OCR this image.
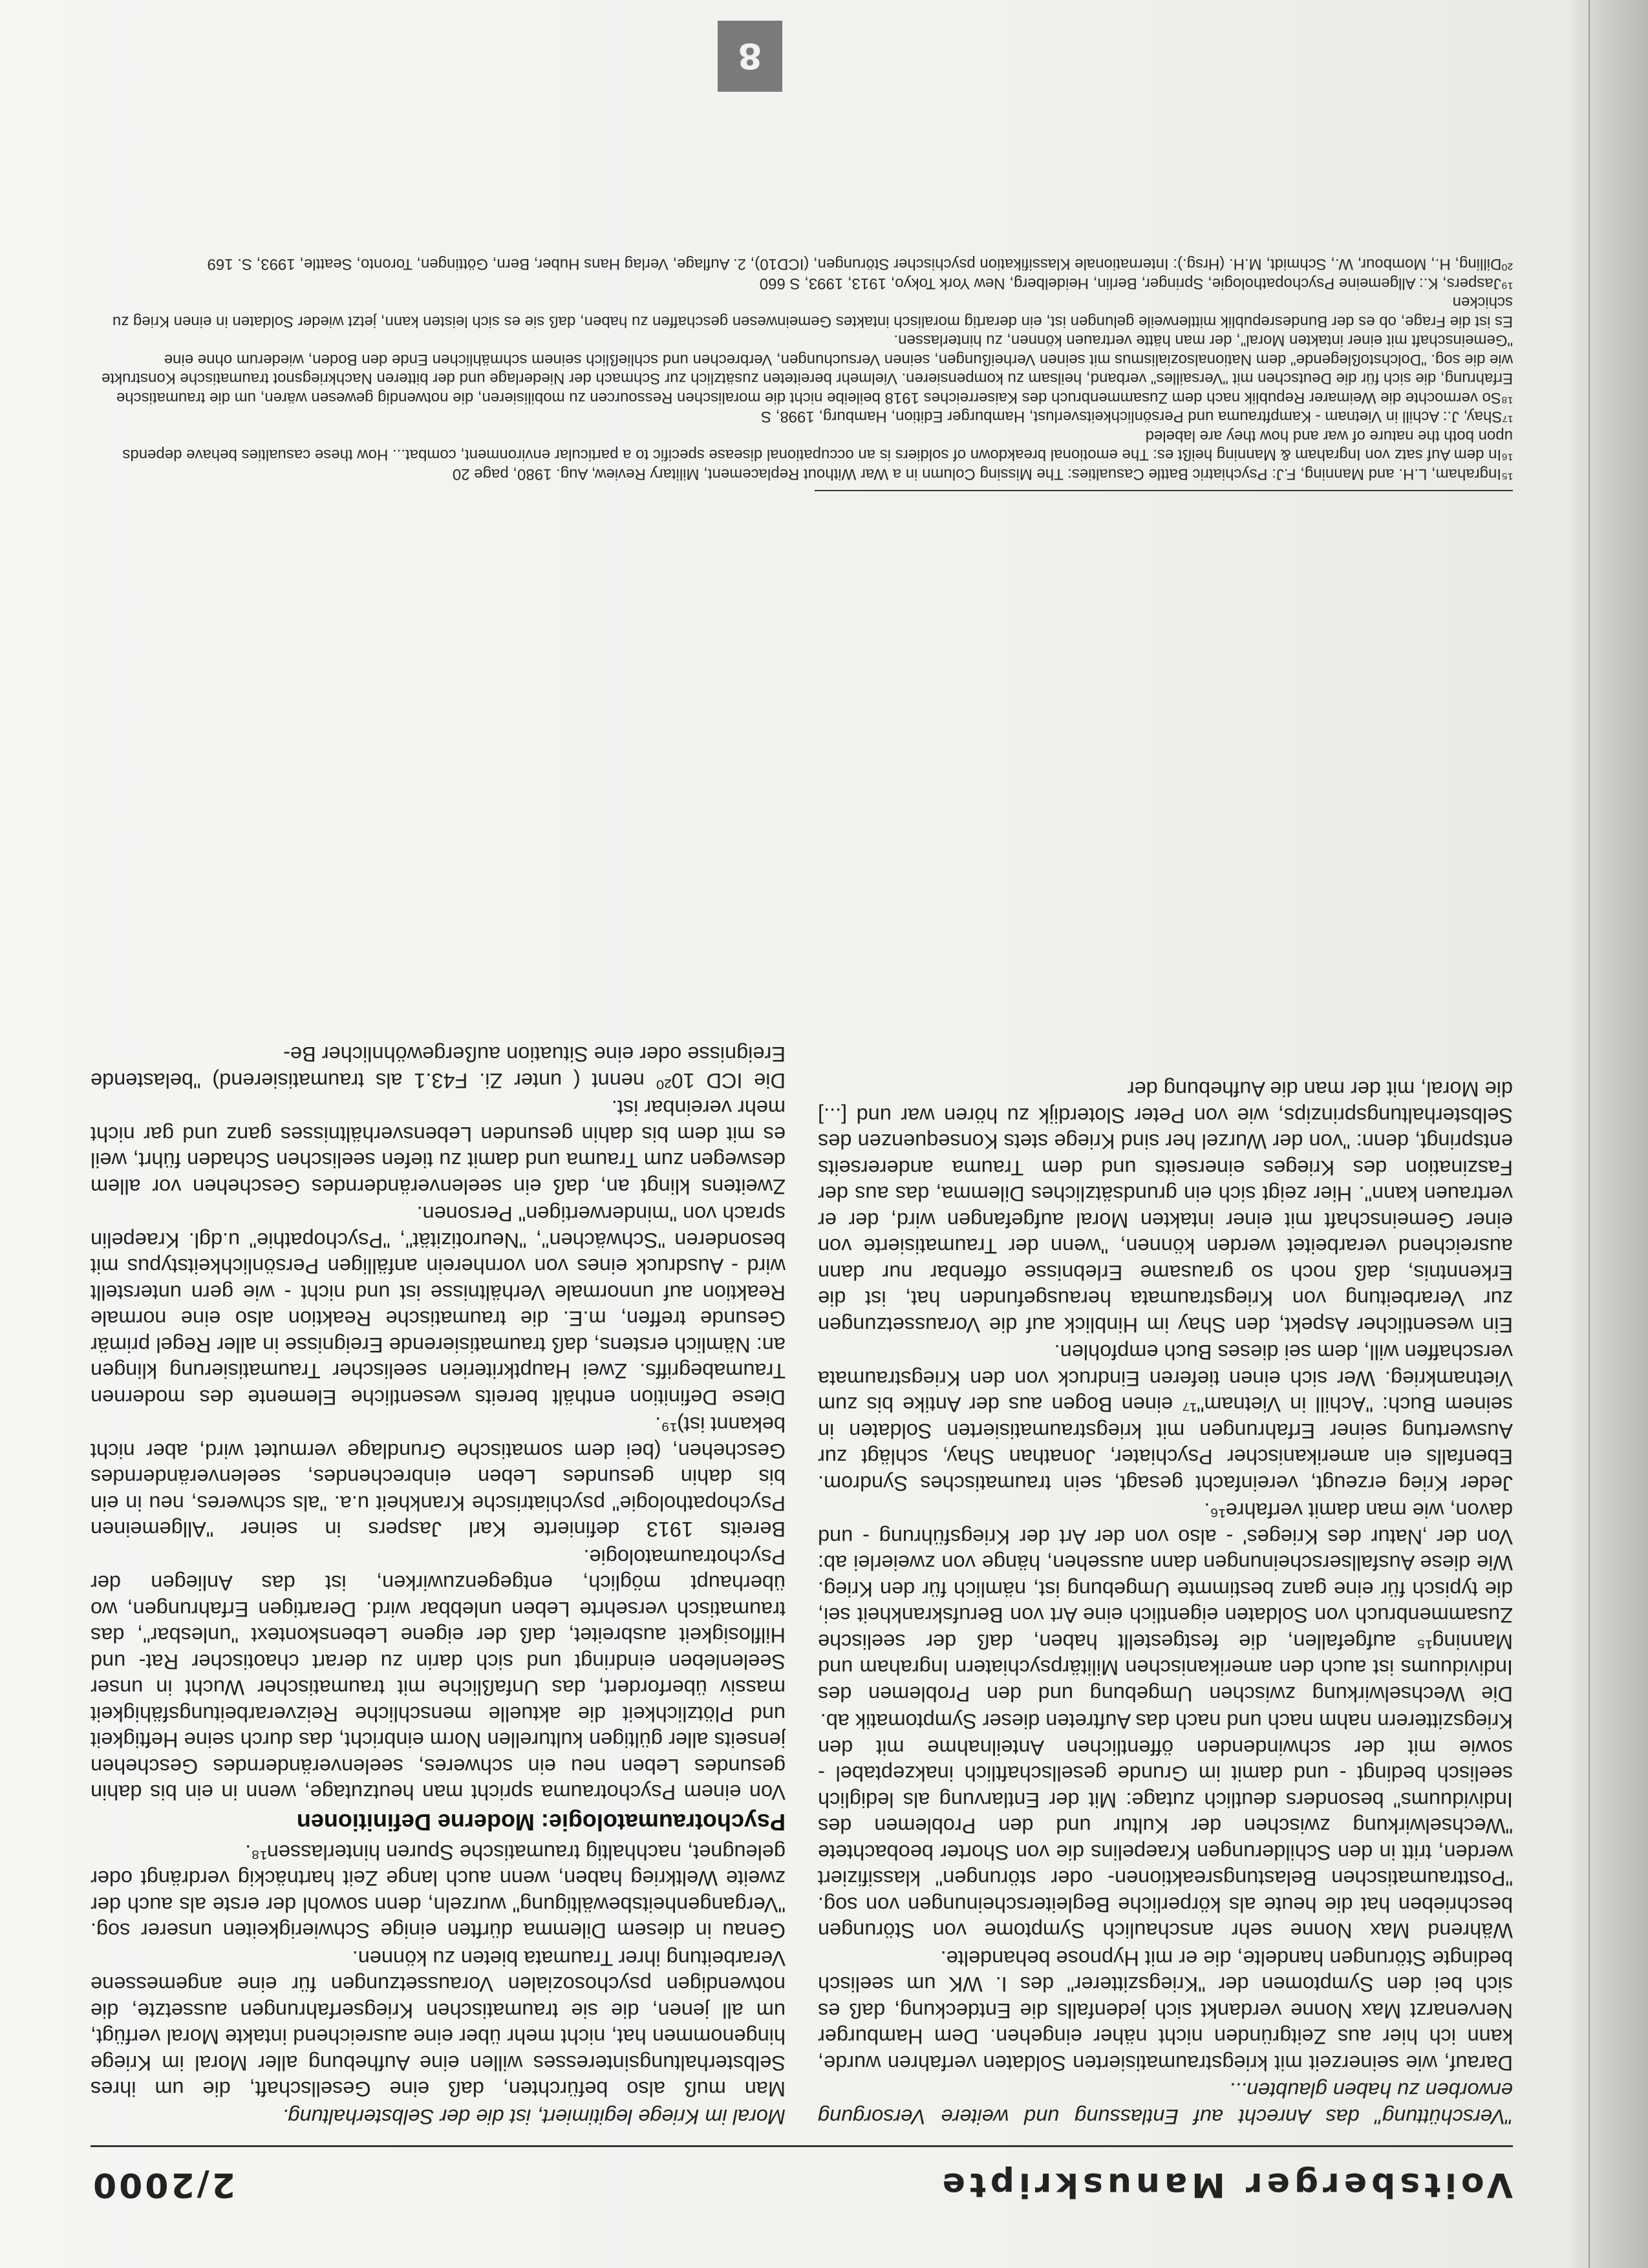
Voitsberger Manuskripte
2/2000

"Verschüttung" das Anrecht auf Entlassung und weitere Versorgung erworben zu haben glaubten...

Darauf, wie seinerzeit mit kriegstraumatisierten Soldaten verfahren wurde, kann ich hier aus Zeitgründen nicht näher eingehen. Dem Hamburger Nervenarzt Max Nonne verdankt sich jedenfalls die Entdeckung, daß es sich bei den Symptomen der "Kriegszitterer" des I. WK um seelisch bedingte Störungen handelte, die er mit Hypnose behandelte.

Während Max Nonne sehr anschaulich Symptome von Störungen beschrieben hat die heute als körperliche Begleiterscheinungen von sog. "Posttraumatischen Belastungsreaktionen- oder störungen" klassifiziert werden, tritt in den Schilderungen Kraepelins die von Shorter beobachtete "Wechselwirkung zwischen der Kultur und den Problemen des Individuums" besonders deutlich zutage: Mit der Entlarvung als lediglich seelisch bedingt - und damit im Grunde gesellschaftlich inakzeptabel - sowie mit der schwindenden öffentlichen Anteilnahme mit den Kriegszitterern nahm nach und nach das Auftreten dieser Symptomatik ab.

Die Wechselwirkung zwischen Umgebung und den Problemen des Individuums ist auch den amerikanischen Militärpsychiatern Ingraham und Manning¹⁵ aufgefallen, die festgestellt haben, daß der seelische Zusammenbruch von Soldaten eigentlich eine Art von Berufskrankheit sei, die typisch für eine ganz bestimmte Umgebung ist, nämlich für den Krieg. Wie diese Ausfallserscheinungen dann aussehen, hänge von zweierlei ab: Von der ‚Natur des Krieges' - also von der Art der Kriegsführung - und davon, wie man damit verfahre¹⁶.

Jeder Krieg erzeugt, vereinfacht gesagt, sein traumatisches Syndrom. Ebenfalls ein amerikanischer Psychiater, Jonathan Shay, schlägt zur Auswertung seiner Erfahrungen mit kriegstraumatisierten Soldaten in seinem Buch: "Achill in Vietnam"¹⁷ einen Bogen aus der Antike bis zum Vietnamkrieg. Wer sich einen tieferen Eindruck von den Kriegstraumata verschaffen will, dem sei dieses Buch empfohlen.

Ein wesentlicher Aspekt, den Shay im Hinblick auf die Voraussetzungen zur Verarbeitung von Kriegstraumata herausgefunden hat, ist die Erkenntnis, daß noch so grausame Erlebnisse offenbar nur dann ausreichend verarbeitet werden können, "wenn der Traumatisierte von einer Gemeinschaft mit einer intakten Moral aufgefangen wird, der er vertrauen kann". Hier zeigt sich ein grundsätzliches Dilemma, das aus der Faszination des Krieges einerseits und dem Trauma andererseits entspringt, denn: "von der Wurzel her sind Kriege stets Konsequenzen des Selbsterhaltungsprinzips, wie von Peter Sloterdijk zu hören war und [...] die Moral, mit der man die Aufhebung der

Moral im Kriege legitimiert, ist die der Selbsterhaltung.

Man muß also befürchten, daß eine Gesellschaft, die um ihres Selbsterhaltungsinteresses willen eine Aufhebung aller Moral im Kriege hingenommen hat, nicht mehr über eine ausreichend intakte Moral verfügt, um all jenen, die sie traumatischen Kriegserfahrungen aussetzte, die notwendigen psychosozialen Voraussetzungen für eine angemessene Verarbeitung ihrer Traumata bieten zu können.

Genau in diesem Dilemma dürften einige Schwierigkeiten unserer sog. "Vergangenheitsbewältigung" wurzeln, denn sowohl der erste als auch der zweite Weltkrieg haben, wenn auch lange Zeit hartnäckig verdrängt oder geleugnet, nachhaltig traumatische Spuren hinterlassen¹⁸.

Psychotraumatologie: Moderne Definitionen

Von einem Psychotrauma spricht man heutzutage, wenn in ein bis dahin gesundes Leben neu ein schweres, seelenveränderndes Geschehen jenseits aller gültigen kulturellen Norm einbricht, das durch seine Heftigkeit und Plötzlichkeit die aktuelle menschliche Reizverarbeitungsfähigkeit massiv überfordert, das Unfaßliche mit traumatischer Wucht in unser Seelenleben eindringt und sich darin zu derart chaotischer Rat- und Hilflosigkeit ausbreitet, daß der eigene Lebenskontext "unlesbar", das traumatisch versehrte Leben unlebbar wird. Derartigen Erfahrungen, wo überhaupt möglich, entgegenzuwirken, ist das Anliegen der Psychotraumatologie.

Bereits 1913 definierte Karl Jaspers in seiner "Allgemeinen Psychopathologie" psychiatrische Krankheit u.a. "als schweres, neu in ein bis dahin gesundes Leben einbrechendes, seelenveränderndes Geschehen, (bei dem somatische Grundlage vermutet wird, aber nicht bekannt ist)¹⁹.

Diese Definition enthält bereits wesentliche Elemente des modernen Traumabegriffs. Zwei Hauptkriterien seelischer Traumatisierung klingen an: Nämlich erstens, daß traumatisierende Ereignisse in aller Regel primär Gesunde treffen, m.E. die traumatische Reaktion also eine normale Reaktion auf unnormale Verhältnisse ist und nicht - wie gern unterstellt wird - Ausdruck eines von vornherein anfälligen Persönlichkeitstypus mit besonderen "Schwächen", "Neurotizität", "Psychopathie" u.dgl. Kraepelin sprach von "minderwertigen" Personen.

Zweitens klingt an, daß ein seelenveränderndes Geschehen vor allem deswegen zum Trauma und damit zu tiefen seelischen Schaden führt, weil es mit dem bis dahin gesunden Lebensverhältnisses ganz und gar nicht mehr vereinbar ist.

Die ICD 10²⁰ nennt ( unter Zi. F43.1 als traumatisierend) "belastende Ereignisse oder eine Situation außergewöhnlicher Be-

¹⁵Ingraham, L.H. and Manning, F.J: Psychiatric Battle Casualties: The Missing Column in a War Without Replacement, Military Review, Aug. 1980, page 20
¹⁶In dem Auf satz von Ingraham & Manning heißt es: The emotional breakdown of soldiers is an occupational disease specific to a particular environment, combat... How these casualties behave depends upon both the nature of war and how they are labeled
¹⁷Shay, J.: Achill in Vietnam - Kampftrauma und Persönlichkeitsverlust, Hamburger Edition, Hamburg, 1998, S
¹⁸So vermochte die Weimarer Republik nach dem Zusammenbruch des Kaiserreiches 1918 beileibe nicht die moralischen Ressourcen zu mobilisieren, die notwendig gewesen wären, um die traumatische Erfahrung, die sich für die Deutschen mit "Versailles" verband, heilsam zu kompensieren. Vielmehr bereiteten zusätzlich zur Schmach der Niederlage und der bitteren Nachkriegsnot traumatische Konstrukte wie die sog. "Dolchstoßlegende" dem Nationalsozialismus mit seinen Verheißungen, seinen Versuchungen, Verbrechen und schließlich seinem schmählichen Ende den Boden, wiederum ohne eine "Gemeinschaft mit einer intakten Moral", der man hätte vertrauen können, zu hinterlassen.
Es ist die Frage, ob es der Bundesrepublik mittlerweile gelungen ist, ein derartig moralisch intaktes Gemeinwesen geschaffen zu haben, daß sie es sich leisten kann, jetzt wieder Soldaten in einen Krieg zu schicken
¹⁹Jaspers, K.: Allgemeine Psychopathologie, Springer, Berlin, Heidelberg, New York Tokyo, 1913, 1993, S 660
²⁰Dilling, H., Mombour, W., Schmidt, M.H. (Hrsg.): Internationale Klassifikation psychischer Störungen, (ICD10), 2. Auflage, Verlag Hans Huber, Bern, Göttingen, Toronto, Seattle, 1993, S. 169
8
